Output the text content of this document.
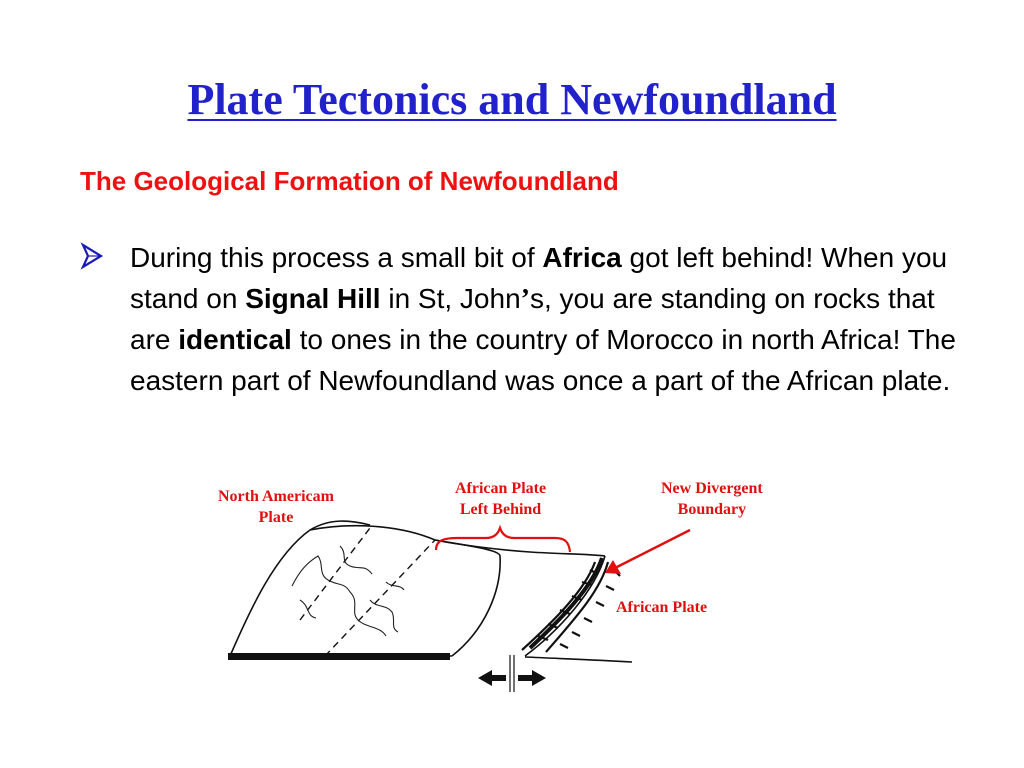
Plate Tectonics and Newfoundland
The Geological Formation of Newfoundland

During this process a small bit of Africa got left behind! When you stand on Signal Hill in St, John’s, you are standing on rocks that are identical to ones in the country of Morocco in north Africa! The eastern part of Newfoundland was once a part of the African plate.

North Americam
Plate
African Plate
Left Behind
New Divergent
Boundary
African Plate
